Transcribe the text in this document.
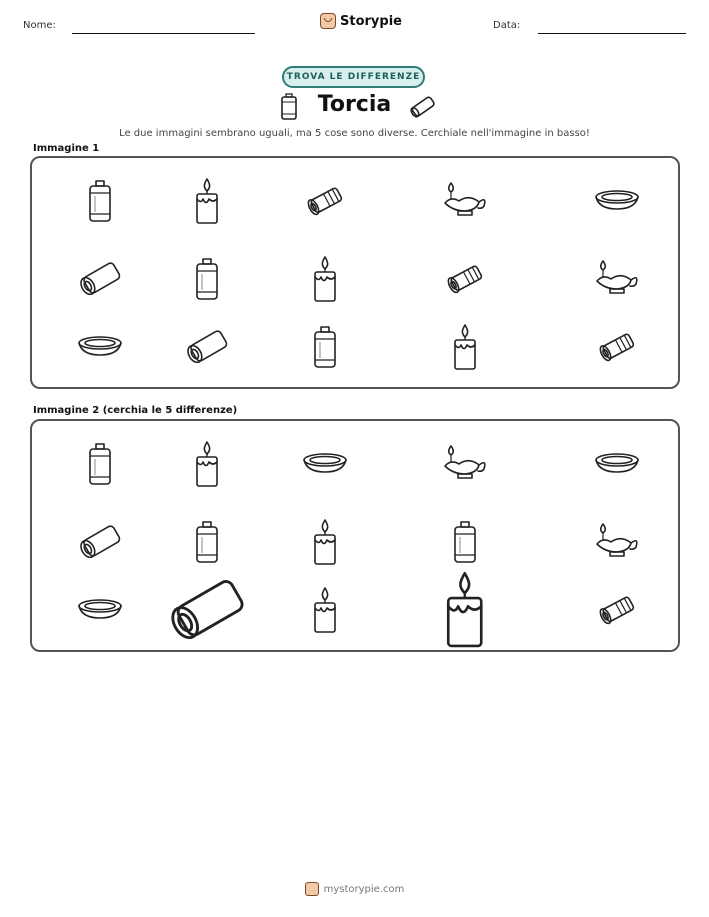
Nome:	Storypie	Data:
TROVA LE DIFFERENZE
Torcia
Le due immagini sembrano uguali, ma 5 cose sono diverse. Cerchiale nell'immagine in basso!
Immagine 1
Immagine 2 (cerchia le 5 differenze)
mystorypie.com
